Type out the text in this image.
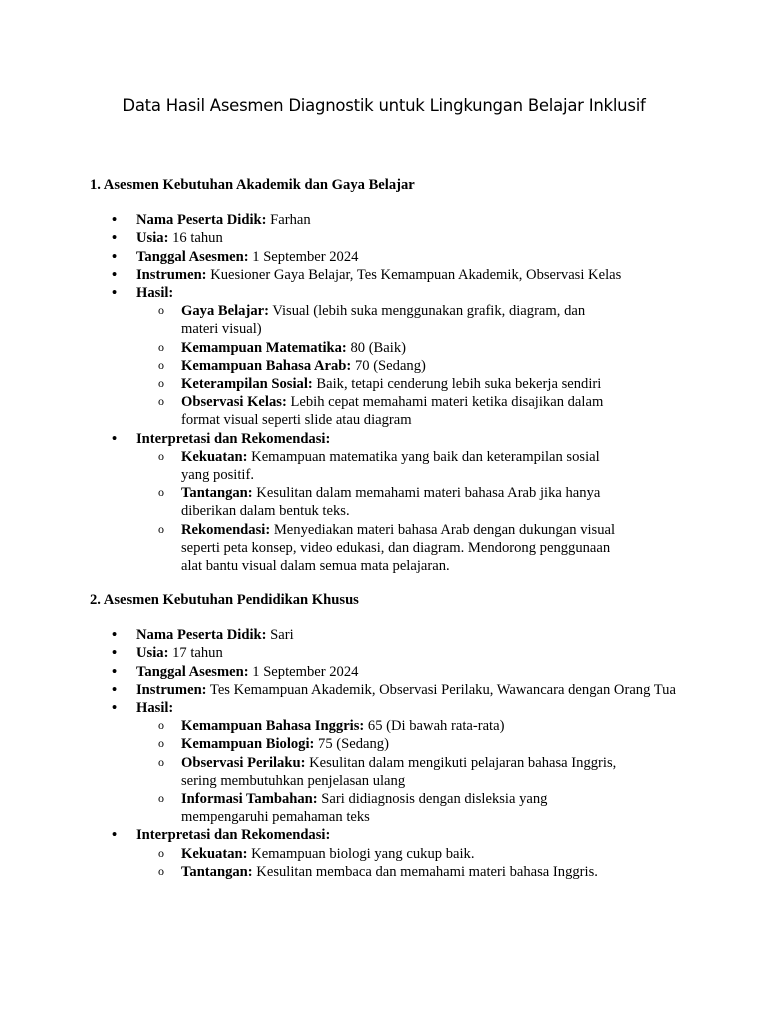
Data Hasil Asesmen Diagnostik untuk Lingkungan Belajar Inklusif
1. Asesmen Kebutuhan Akademik dan Gaya Belajar
• Nama Peserta Didik: Farhan
• Usia: 16 tahun
• Tanggal Asesmen: 1 September 2024
• Instrumen: Kuesioner Gaya Belajar, Tes Kemampuan Akademik, Observasi Kelas
• Hasil:
o Gaya Belajar: Visual (lebih suka menggunakan grafik, diagram, dan materi visual)
o Kemampuan Matematika: 80 (Baik)
o Kemampuan Bahasa Arab: 70 (Sedang)
o Keterampilan Sosial: Baik, tetapi cenderung lebih suka bekerja sendiri
o Observasi Kelas: Lebih cepat memahami materi ketika disajikan dalam format visual seperti slide atau diagram
• Interpretasi dan Rekomendasi:
o Kekuatan: Kemampuan matematika yang baik dan keterampilan sosial yang positif.
o Tantangan: Kesulitan dalam memahami materi bahasa Arab jika hanya diberikan dalam bentuk teks.
o Rekomendasi: Menyediakan materi bahasa Arab dengan dukungan visual seperti peta konsep, video edukasi, dan diagram. Mendorong penggunaan alat bantu visual dalam semua mata pelajaran.
2. Asesmen Kebutuhan Pendidikan Khusus
• Nama Peserta Didik: Sari
• Usia: 17 tahun
• Tanggal Asesmen: 1 September 2024
• Instrumen: Tes Kemampuan Akademik, Observasi Perilaku, Wawancara dengan Orang Tua
• Hasil:
o Kemampuan Bahasa Inggris: 65 (Di bawah rata-rata)
o Kemampuan Biologi: 75 (Sedang)
o Observasi Perilaku: Kesulitan dalam mengikuti pelajaran bahasa Inggris, sering membutuhkan penjelasan ulang
o Informasi Tambahan: Sari didiagnosis dengan disleksia yang mempengaruhi pemahaman teks
• Interpretasi dan Rekomendasi:
o Kekuatan: Kemampuan biologi yang cukup baik.
o Tantangan: Kesulitan membaca dan memahami materi bahasa Inggris.
